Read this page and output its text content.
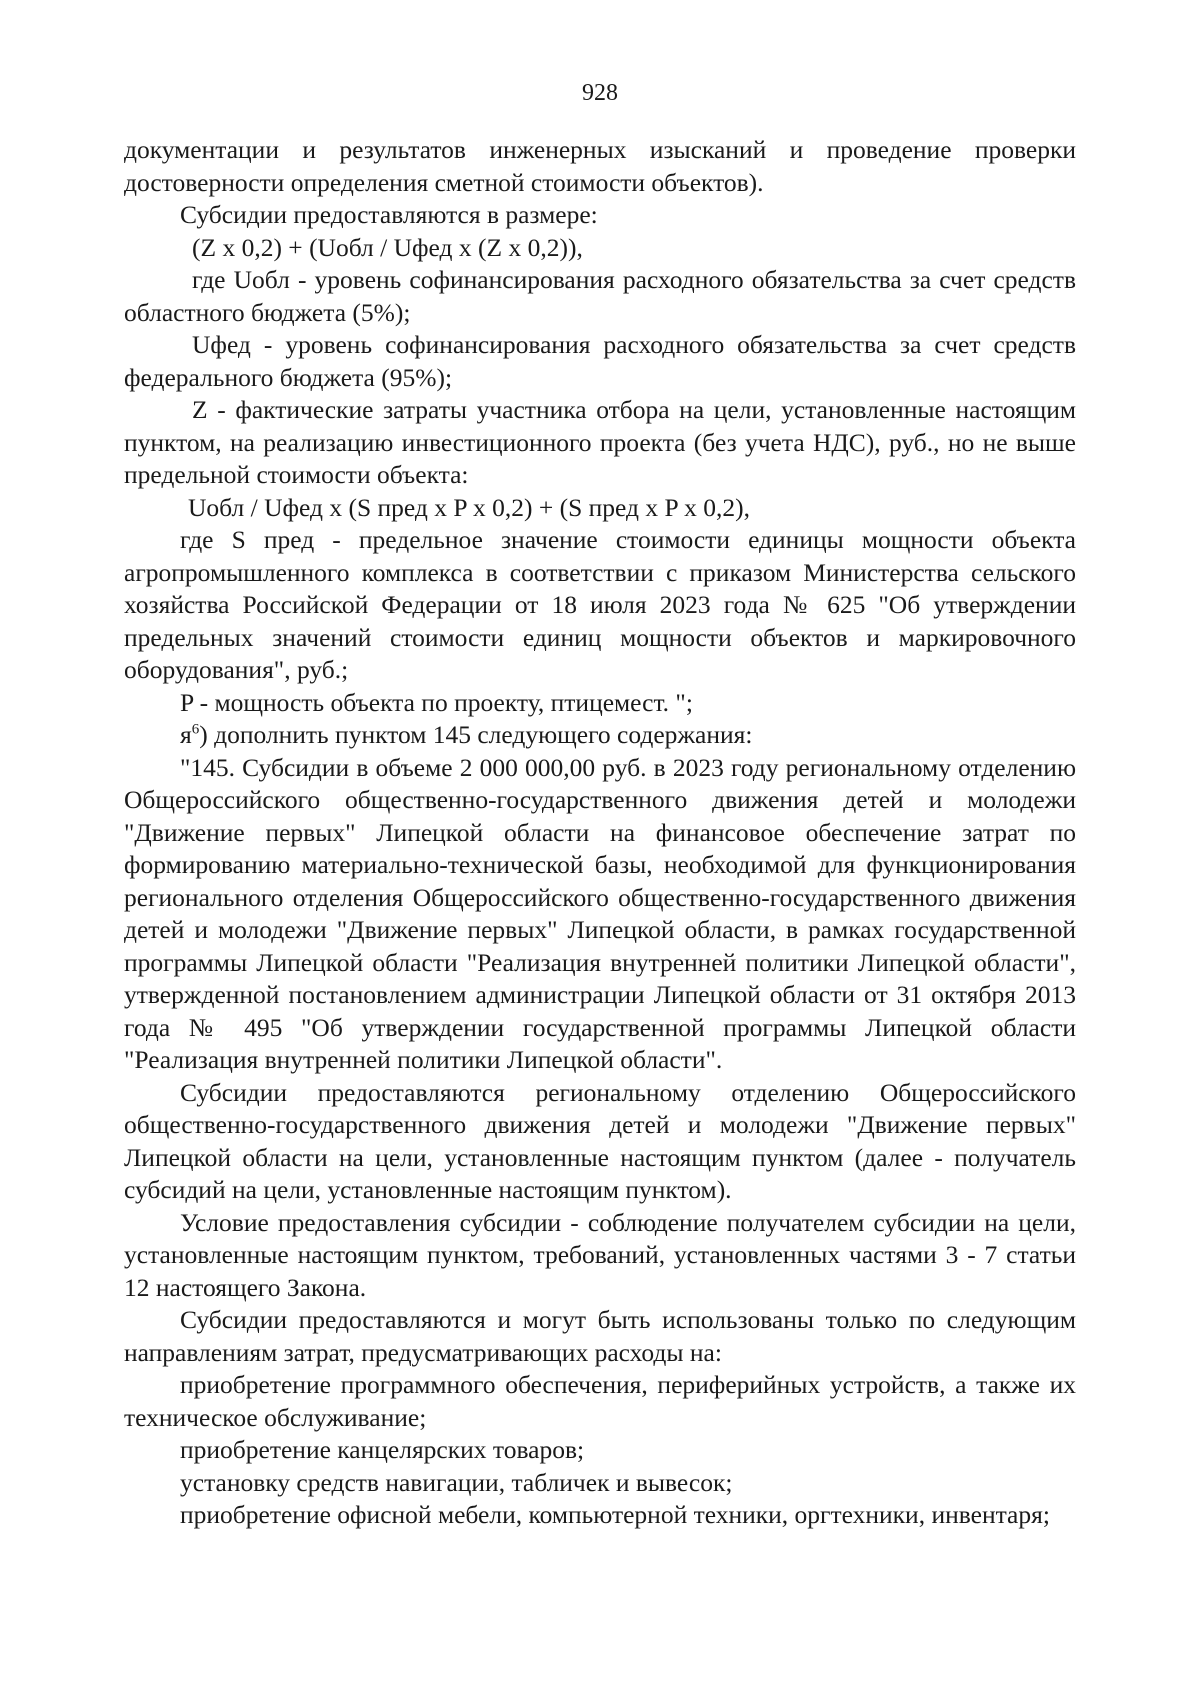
928

документации и результатов инженерных изысканий и проведение проверки достоверности определения сметной стоимости объектов).

Субсидии предоставляются в размере:

(Z x 0,2) + (Uобл / Uфед x (Z x 0,2)),

где Uобл - уровень софинансирования расходного обязательства за счет средств областного бюджета (5%);

Uфед - уровень софинансирования расходного обязательства за счет средств федерального бюджета (95%);

Z - фактические затраты участника отбора на цели, установленные настоящим пунктом, на реализацию инвестиционного проекта (без учета НДС), руб., но не выше предельной стоимости объекта:

Uобл / Uфед x (S пред x P x 0,2) + (S пред x P x 0,2),

где S пред - предельное значение стоимости единицы мощности объекта агропромышленного комплекса в соответствии с приказом Министерства сельского хозяйства Российской Федерации от 18 июля 2023 года № 625 "Об утверждении предельных значений стоимости единиц мощности объектов и маркировочного оборудования", руб.;

P - мощность объекта по проекту, птицемест. ";

$я^6$) дополнить пунктом 145 следующего содержания:

"145. Субсидии в объеме 2 000 000,00 руб. в 2023 году региональному отделению Общероссийского общественно-государственного движения детей и молодежи "Движение первых" Липецкой области на финансовое обеспечение затрат по формированию материально-технической базы, необходимой для функционирования регионального отделения Общероссийского общественно-государственного движения детей и молодежи "Движение первых" Липецкой области, в рамках государственной программы Липецкой области "Реализация внутренней политики Липецкой области", утвержденной постановлением администрации Липецкой области от 31 октября 2013 года № 495 "Об утверждении государственной программы Липецкой области "Реализация внутренней политики Липецкой области".

Субсидии предоставляются региональному отделению Общероссийского общественно-государственного движения детей и молодежи "Движение первых" Липецкой области на цели, установленные настоящим пунктом (далее - получатель субсидий на цели, установленные настоящим пунктом).

Условие предоставления субсидии - соблюдение получателем субсидии на цели, установленные настоящим пунктом, требований, установленных частями 3 - 7 статьи 12 настоящего Закона.

Субсидии предоставляются и могут быть использованы только по следующим направлениям затрат, предусматривающих расходы на:

приобретение программного обеспечения, периферийных устройств, а также их техническое обслуживание;

приобретение канцелярских товаров;

установку средств навигации, табличек и вывесок;

приобретение офисной мебели, компьютерной техники, оргтехники, инвентаря;
